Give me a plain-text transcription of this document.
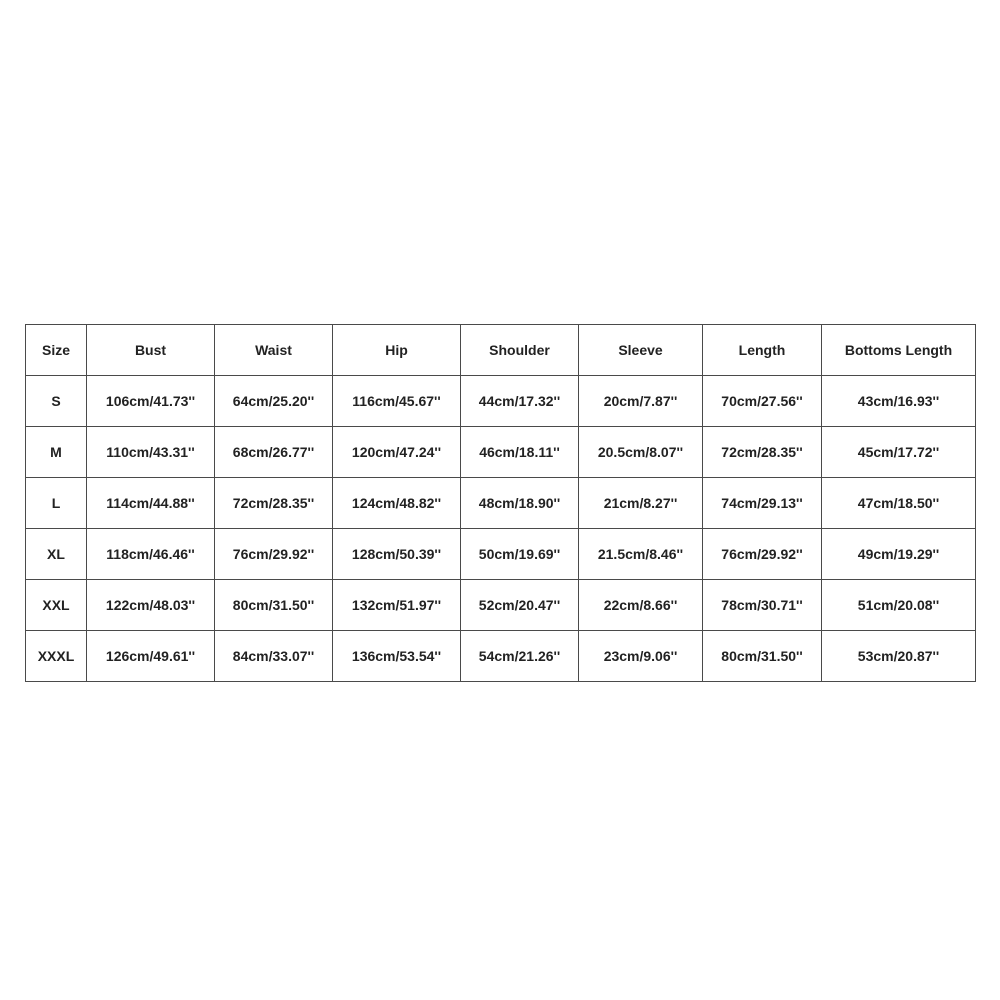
Size	Bust	Waist	Hip	Shoulder	Sleeve	Length	Bottoms Length
S	106cm/41.73''	64cm/25.20''	116cm/45.67''	44cm/17.32''	20cm/7.87''	70cm/27.56''	43cm/16.93''
M	110cm/43.31''	68cm/26.77''	120cm/47.24''	46cm/18.11''	20.5cm/8.07''	72cm/28.35''	45cm/17.72''
L	114cm/44.88''	72cm/28.35''	124cm/48.82''	48cm/18.90''	21cm/8.27''	74cm/29.13''	47cm/18.50''
XL	118cm/46.46''	76cm/29.92''	128cm/50.39''	50cm/19.69''	21.5cm/8.46''	76cm/29.92''	49cm/19.29''
XXL	122cm/48.03''	80cm/31.50''	132cm/51.97''	52cm/20.47''	22cm/8.66''	78cm/30.71''	51cm/20.08''
XXXL	126cm/49.61''	84cm/33.07''	136cm/53.54''	54cm/21.26''	23cm/9.06''	80cm/31.50''	53cm/20.87''
